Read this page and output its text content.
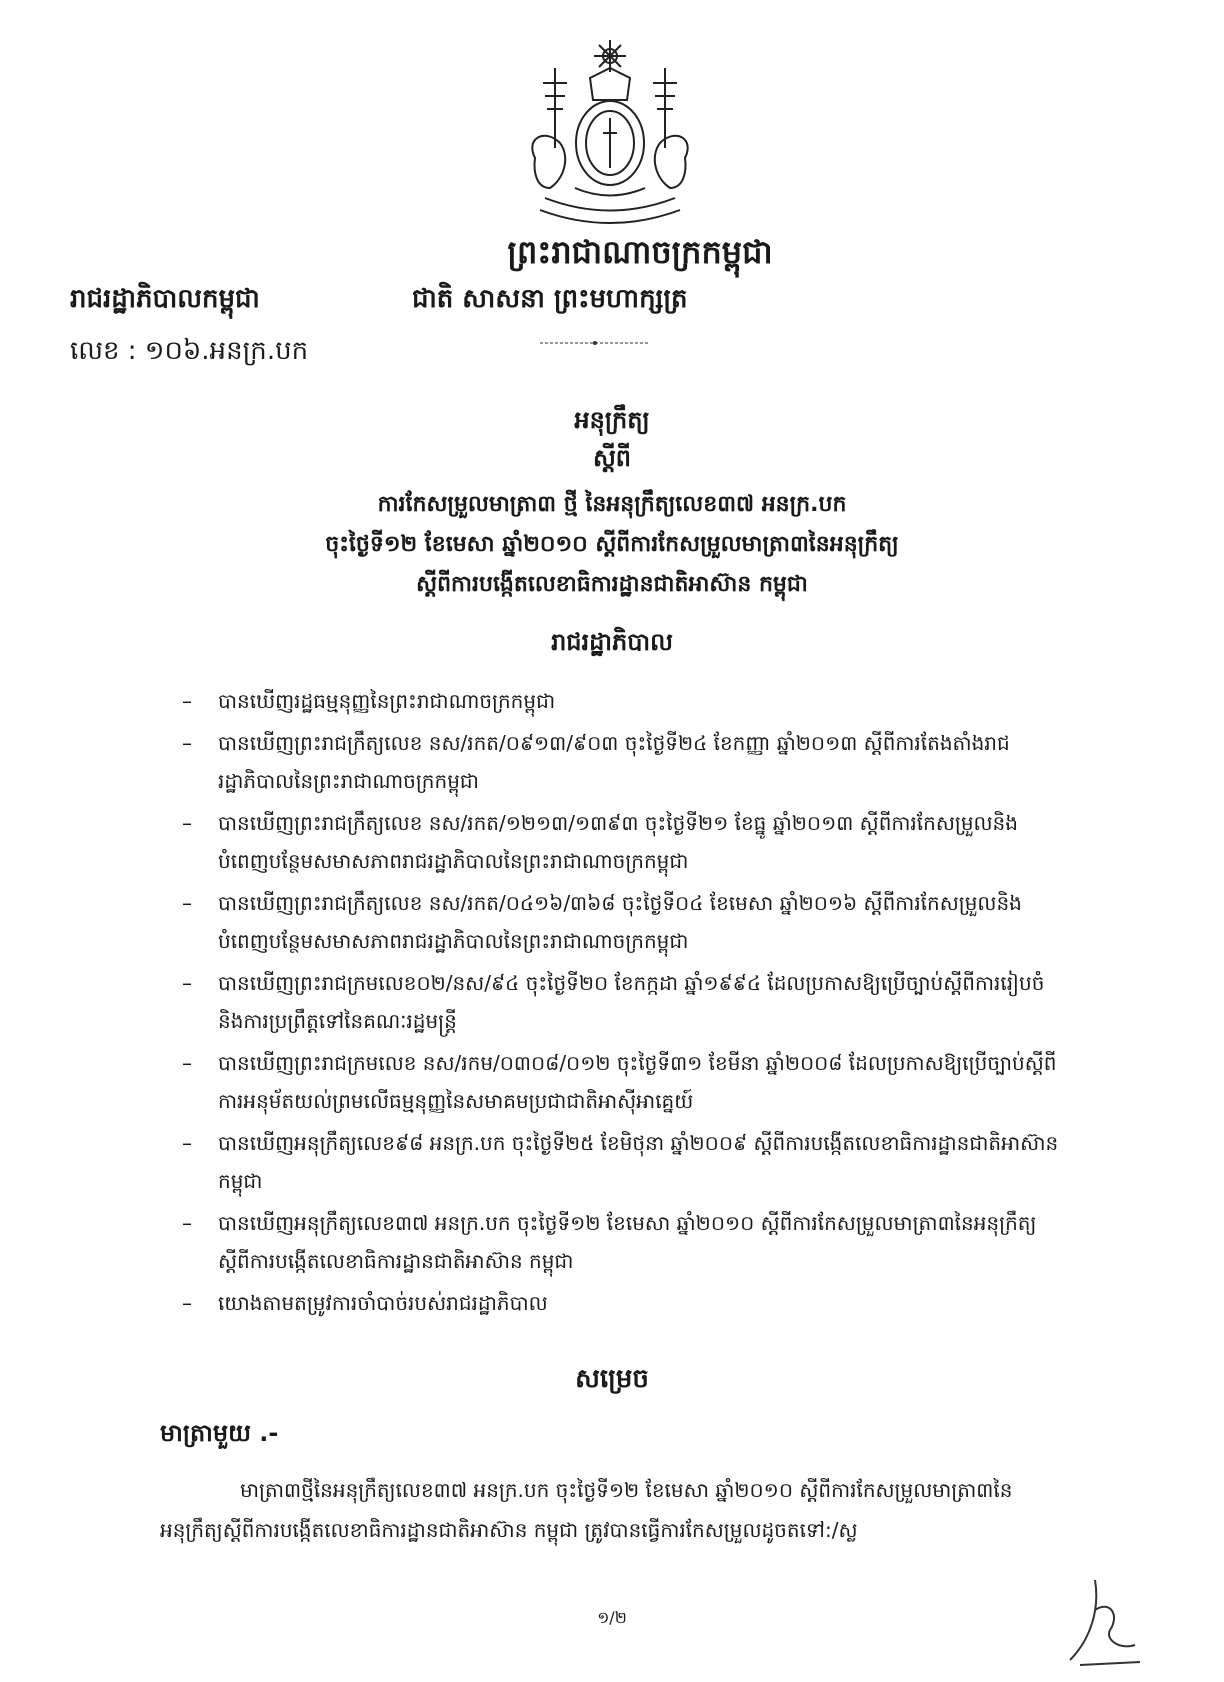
ព្រះរាជាណាចក្រកម្ពុជា
រាជរដ្ឋាភិបាលកម្ពុជា	ជាតិ សាសនា ព្រះមហាក្សត្រ
លេខ : ១០៦.អនក្រ.បក
អនុក្រឹត្យ
ស្តីពី
ការកែសម្រួលមាត្រា៣ ថ្មី នៃអនុក្រឹត្យលេខ៣៧ អនក្រ.បក
ចុះថ្ងៃទី១២ ខែមេសា ឆ្នាំ២០១០ ស្តីពីការកែសម្រួលមាត្រា៣នៃអនុក្រឹត្យ
ស្តីពីការបង្កើតលេខាធិការដ្ឋានជាតិអាស៊ាន កម្ពុជា
រាជរដ្ឋាភិបាល
– បានឃើញរដ្ឋធម្មនុញ្ញនៃព្រះរាជាណាចក្រកម្ពុជា
– បានឃើញព្រះរាជក្រឹត្យលេខ នស/រកត/០៩១៣/៩០៣ ចុះថ្ងៃទី២៤ ខែកញ្ញា ឆ្នាំ២០១៣ ស្តីពីការតែងតាំងរាជរដ្ឋាភិបាលនៃព្រះរាជាណាចក្រកម្ពុជា
– បានឃើញព្រះរាជក្រឹត្យលេខ នស/រកត/១២១៣/១៣៩៣ ចុះថ្ងៃទី២១ ខែធ្នូ ឆ្នាំ២០១៣ ស្តីពីការកែសម្រួលនិងបំពេញបន្ថែមសមាសភាពរាជរដ្ឋាភិបាលនៃព្រះរាជាណាចក្រកម្ពុជា
– បានឃើញព្រះរាជក្រឹត្យលេខ នស/រកត/០៤១៦/៣៦៨ ចុះថ្ងៃទី០៤ ខែមេសា ឆ្នាំ២០១៦ ស្តីពីការកែសម្រួលនិងបំពេញបន្ថែមសមាសភាពរាជរដ្ឋាភិបាលនៃព្រះរាជាណាចក្រកម្ពុជា
– បានឃើញព្រះរាជក្រមលេខ០២/នស/៩៤ ចុះថ្ងៃទី២០ ខែកក្កដា ឆ្នាំ១៩៩៤ ដែលប្រកាសឱ្យប្រើច្បាប់ស្តីពីការរៀបចំនិងការប្រព្រឹត្តទៅនៃគណៈរដ្ឋមន្ត្រី
– បានឃើញព្រះរាជក្រមលេខ នស/រកម/០៣០៨/០១២ ចុះថ្ងៃទី៣១ ខែមីនា ឆ្នាំ២០០៨ ដែលប្រកាសឱ្យប្រើច្បាប់ស្តីពីការអនុម័តយល់ព្រមលើធម្មនុញ្ញនៃសមាគមប្រជាជាតិអាស៊ីអាគ្នេយ៍
– បានឃើញអនុក្រឹត្យលេខ៩៨ អនក្រ.បក ចុះថ្ងៃទី២៥ ខែមិថុនា ឆ្នាំ២០០៩ ស្តីពីការបង្កើតលេខាធិការដ្ឋានជាតិអាស៊ាន កម្ពុជា
– បានឃើញអនុក្រឹត្យលេខ៣៧ អនក្រ.បក ចុះថ្ងៃទី១២ ខែមេសា ឆ្នាំ២០១០ ស្តីពីការកែសម្រួលមាត្រា៣នៃអនុក្រឹត្យស្តីពីការបង្កើតលេខាធិការដ្ឋានជាតិអាស៊ាន កម្ពុជា
– យោងតាមតម្រូវការចាំបាច់របស់រាជរដ្ឋាភិបាល
សម្រេច
មាត្រាមួយ .-
មាត្រា៣ថ្មីនៃអនុក្រឹត្យលេខ៣៧ អនក្រ.បក ចុះថ្ងៃទី១២ ខែមេសា ឆ្នាំ២០១០ ស្តីពីការកែសម្រួលមាត្រា៣នៃអនុក្រឹត្យស្តីពីការបង្កើតលេខាធិការដ្ឋានជាតិអាស៊ាន កម្ពុជា ត្រូវបានធ្វើការកែសម្រួលដូចតទៅ:/ស្ល
១/២
